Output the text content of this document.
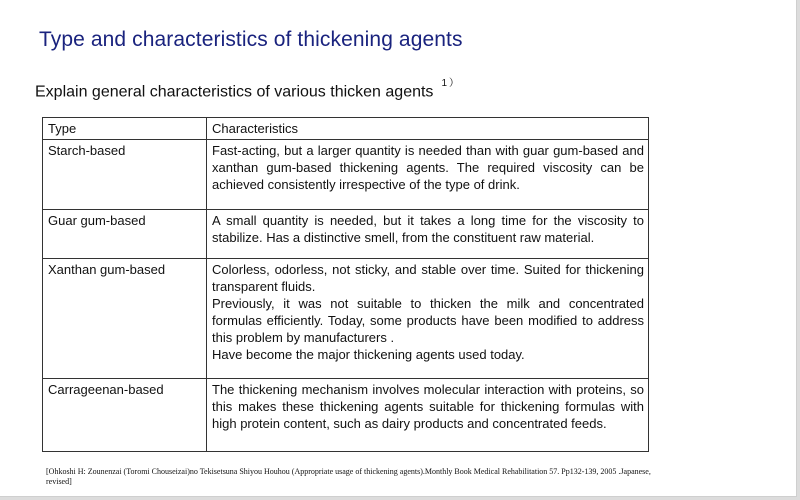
Type and characteristics of thickening agents

Explain general characteristics of various thicken agents $^{1)}$

Type	Characteristics
Starch-based	Fast-acting, but a larger quantity is needed than with guar gum-based and xanthan gum-based thickening agents. The required viscosity can be achieved consistently irrespective of the type of drink.

Guar gum-based	A small quantity is needed, but it takes a long time for the viscosity to stabilize. Has a distinctive smell, from the constituent raw material.

Xanthan gum-based	Colorless, odorless, not sticky, and stable over time. Suited for thickening transparent fluids.
Previously, it was not suitable to thicken the milk and concentrated formulas efficiently. Today, some products have been modified to address this problem by manufacturers .
Have become the major thickening agents used today.

Carrageenan-based	The thickening mechanism involves molecular interaction with proteins, so this makes these thickening agents suitable for thickening formulas with high protein content, such as dairy products and concentrated feeds.

[Ohkoshi H: Zounenzai (Toromi Chouseizai)no Tekisetsuna Shiyou Houhou (Appropriate usage of thickening agents).Monthly Book Medical Rehabilitation 57. Pp132-139, 2005 .Japanese, revised]
